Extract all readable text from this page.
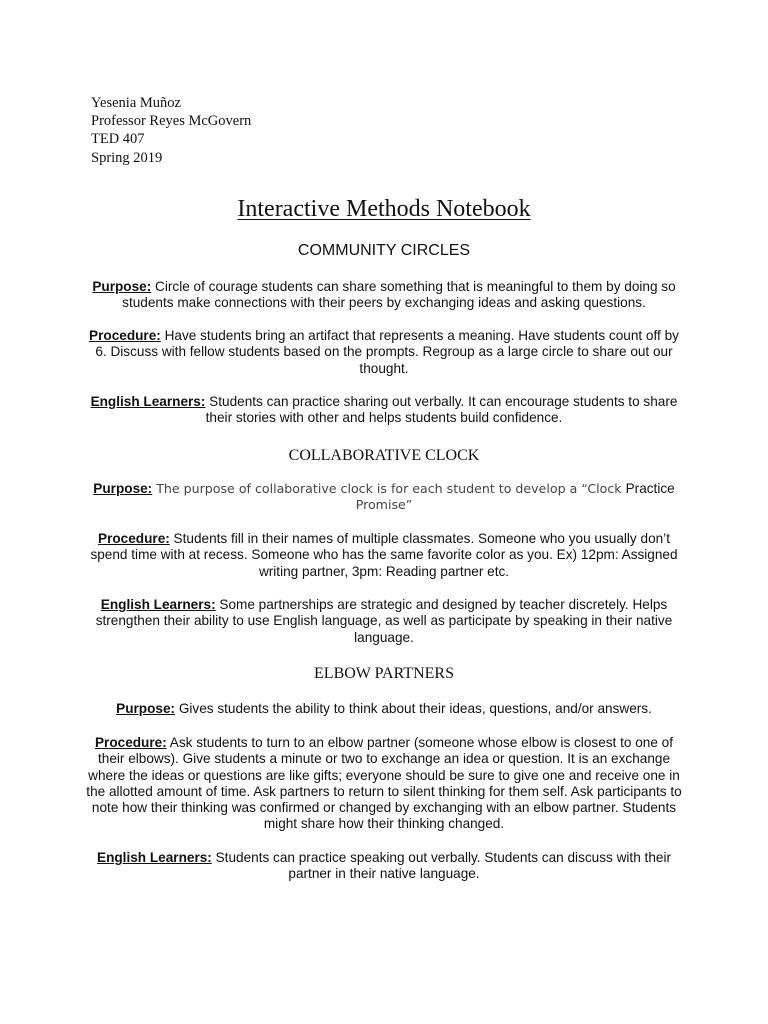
Yesenia Muñoz
Professor Reyes McGovern
TED 407
Spring 2019
Interactive Methods Notebook
COMMUNITY CIRCLES
Purpose: Circle of courage students can share something that is meaningful to them by doing so students make connections with their peers by exchanging ideas and asking questions.
Procedure: Have students bring an artifact that represents a meaning. Have students count off by 6. Discuss with fellow students based on the prompts. Regroup as a large circle to share out our thought.
English Learners: Students can practice sharing out verbally. It can encourage students to share their stories with other and helps students build confidence.
COLLABORATIVE CLOCK
Purpose: The purpose of collaborative clock is for each student to develop a “Clock Practice Promise”
Procedure: Students fill in their names of multiple classmates. Someone who you usually don’t spend time with at recess. Someone who has the same favorite color as you. Ex) 12pm: Assigned writing partner, 3pm: Reading partner etc.
English Learners: Some partnerships are strategic and designed by teacher discretely. Helps strengthen their ability to use English language, as well as participate by speaking in their native language.
ELBOW PARTNERS
Purpose: Gives students the ability to think about their ideas, questions, and/or answers.
Procedure: Ask students to turn to an elbow partner (someone whose elbow is closest to one of their elbows). Give students a minute or two to exchange an idea or question. It is an exchange where the ideas or questions are like gifts; everyone should be sure to give one and receive one in the allotted amount of time. Ask partners to return to silent thinking for them self. Ask participants to note how their thinking was confirmed or changed by exchanging with an elbow partner. Students might share how their thinking changed.
English Learners: Students can practice speaking out verbally. Students can discuss with their partner in their native language.
